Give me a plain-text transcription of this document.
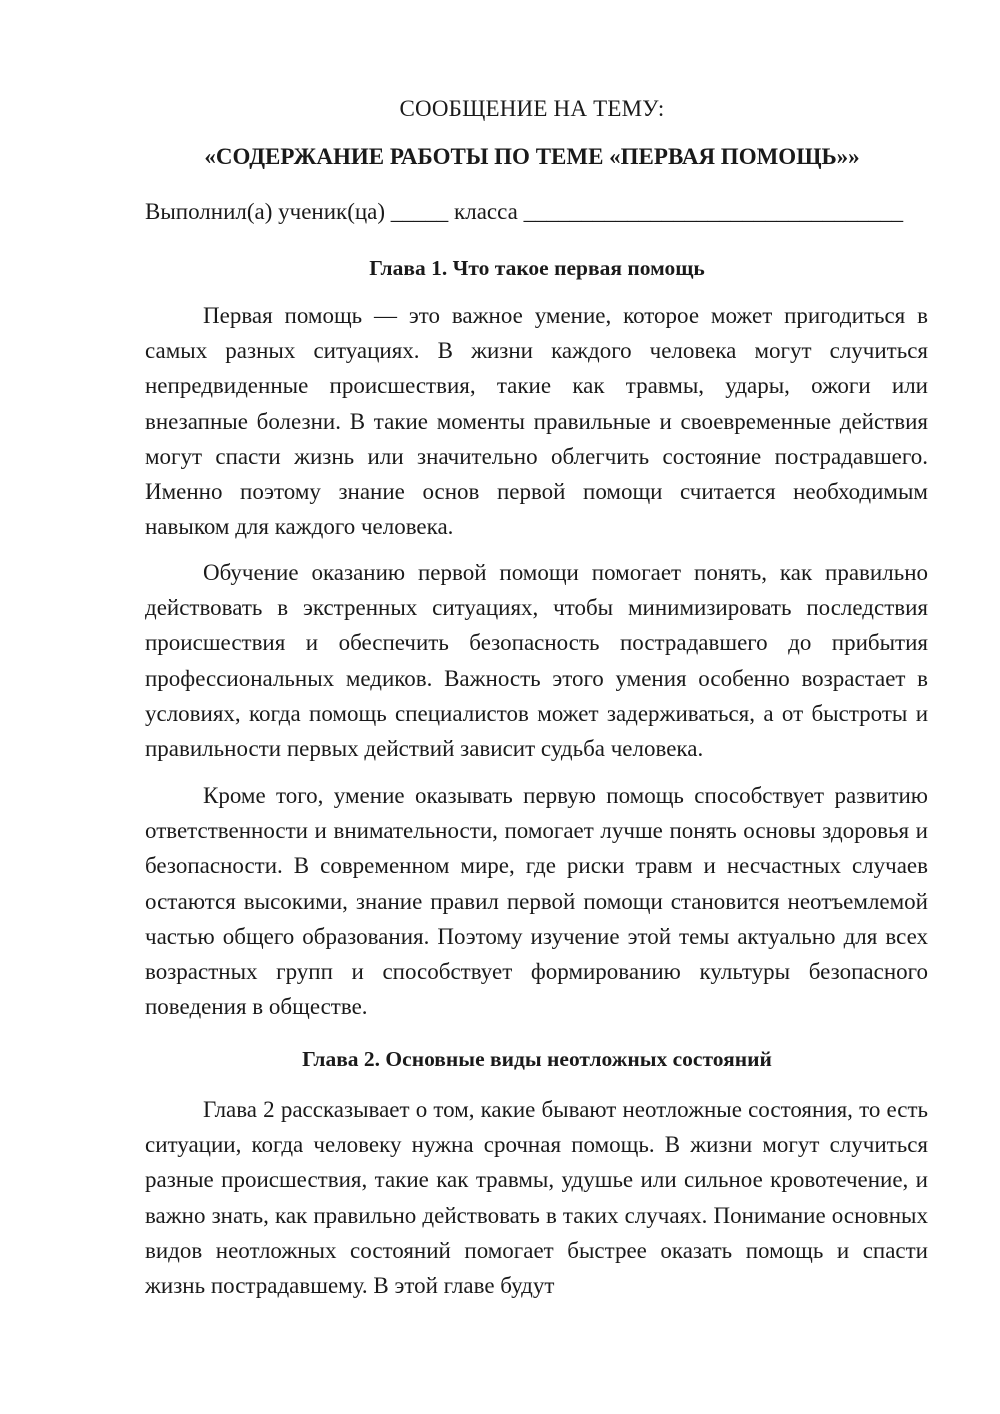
СООБЩЕНИЕ НА ТЕМУ:
«СОДЕРЖАНИЕ РАБОТЫ ПО ТЕМЕ «ПЕРВАЯ ПОМОЩЬ»»
Выполнил(а) ученик(ца) _____ класса _________________________________
Глава 1. Что такое первая помощь

Первая помощь — это важное умение, которое может пригодиться в самых разных ситуациях. В жизни каждого человека могут случиться непредвиденные происшествия, такие как травмы, удары, ожоги или внезапные болезни. В такие моменты правильные и своевременные действия могут спасти жизнь или значительно облегчить состояние пострадавшего. Именно поэтому знание основ первой помощи считается необходимым навыком для каждого человека.

Обучение оказанию первой помощи помогает понять, как правильно действовать в экстренных ситуациях, чтобы минимизировать последствия происшествия и обеспечить безопасность пострадавшего до прибытия профессиональных медиков. Важность этого умения особенно возрастает в условиях, когда помощь специалистов может задерживаться, а от быстроты и правильности первых действий зависит судьба человека.

Кроме того, умение оказывать первую помощь способствует развитию ответственности и внимательности, помогает лучше понять основы здоровья и безопасности. В современном мире, где риски травм и несчастных случаев остаются высокими, знание правил первой помощи становится неотъемлемой частью общего образования. Поэтому изучение этой темы актуально для всех возрастных групп и способствует формированию культуры безопасного поведения в обществе.

Глава 2. Основные виды неотложных состояний

Глава 2 рассказывает о том, какие бывают неотложные состояния, то есть ситуации, когда человеку нужна срочная помощь. В жизни могут случиться разные происшествия, такие как травмы, удушье или сильное кровотечение, и важно знать, как правильно действовать в таких случаях. Понимание основных видов неотложных состояний помогает быстрее оказать помощь и спасти жизнь пострадавшему. В этой главе будут
